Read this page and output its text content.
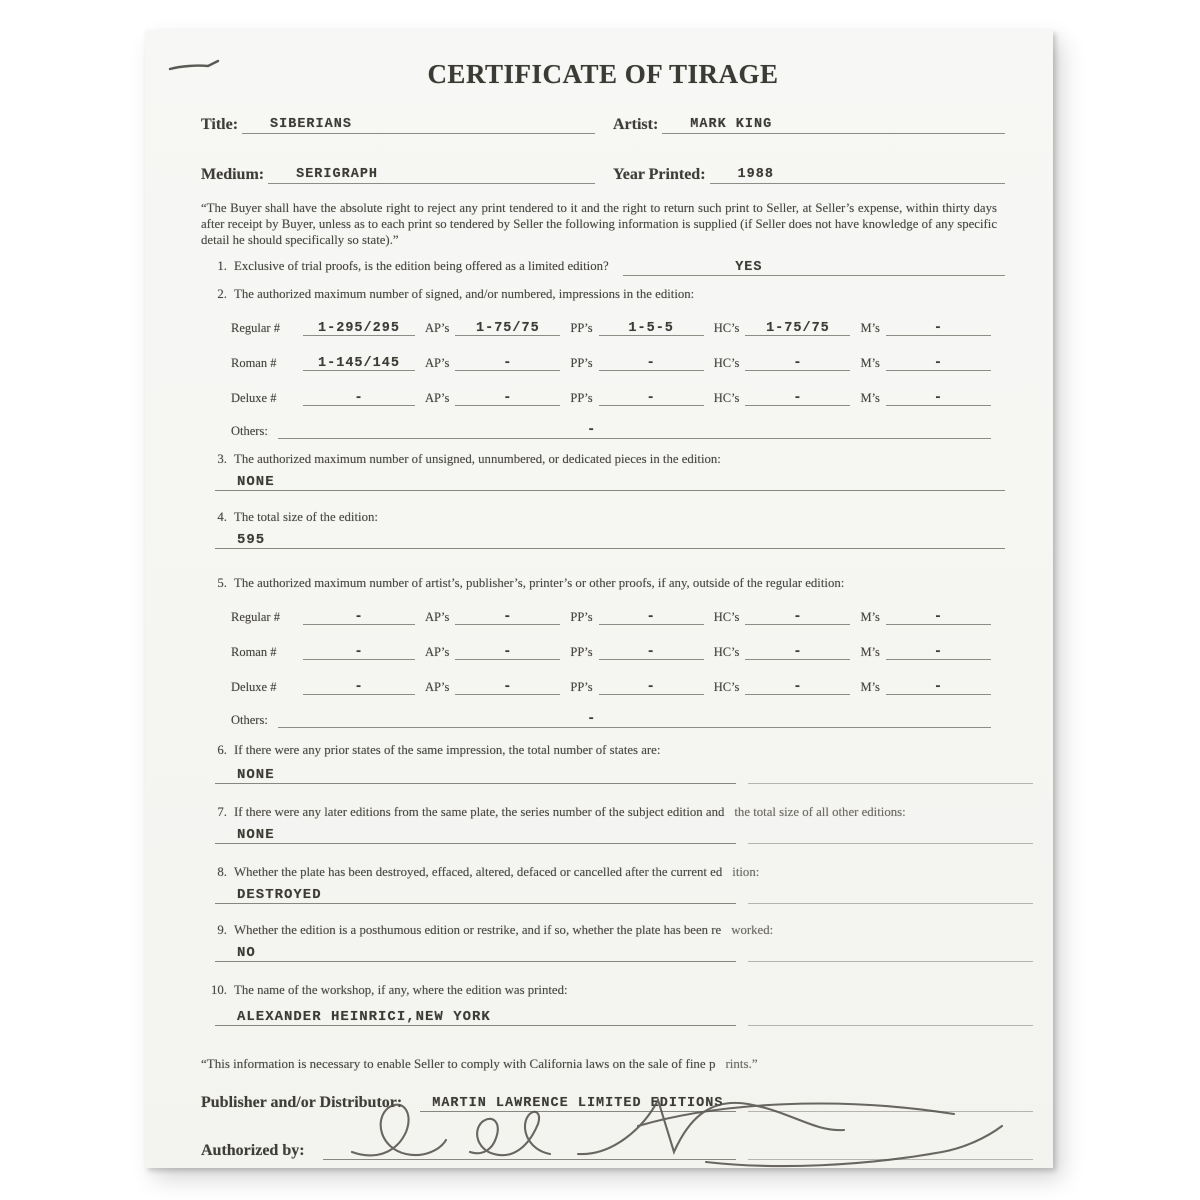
CERTIFICATE OF TIRAGE
Title: SIBERIANS	Artist: MARK KING
Medium: SERIGRAPH	Year Printed: 1988

“The Buyer shall have the absolute right to reject any print tendered to it and the right to return such print to Seller, at Seller’s expense, within thirty days after receipt by Buyer, unless as to each print so tendered by Seller the following information is supplied (if Seller does not have knowledge of any specific detail he should specifically so state).”

1. Exclusive of trial proofs, is the edition being offered as a limited edition?	YES
2. The authorized maximum number of signed, and/or numbered, impressions in the edition:
Regular #	1-295/295	AP’s	1-75/75	PP’s	1-5-5	HC’s	1-75/75	M’s	-
Roman #	1-145/145	AP’s	-	PP’s	-	HC’s	-	M’s	-
Deluxe #	-	AP’s	-	PP’s	-	HC’s	-	M’s	-
Others:	-
3. The authorized maximum number of unsigned, unnumbered, or dedicated pieces in the edition:
NONE
4. The total size of the edition:
595
5. The authorized maximum number of artist’s, publisher’s, printer’s or other proofs, if any, outside of the regular edition:
Regular #	-	AP’s	-	PP’s	-	HC’s	-	M’s	-
Roman #	-	AP’s	-	PP’s	-	HC’s	-	M’s	-
Deluxe #	-	AP’s	-	PP’s	-	HC’s	-	M’s	-
Others:	-
6. If there were any prior states of the same impression, the total number of states are:
NONE
7. If there were any later editions from the same plate, the series number of the subject edition and the total size of all other editions:
NONE
8. Whether the plate has been destroyed, effaced, altered, defaced or cancelled after the current ed ition:
DESTROYED
9. Whether the edition is a posthumous edition or restrike, and if so, whether the plate has been re worked:
NO
10. The name of the workshop, if any, where the edition was printed:
ALEXANDER HEINRICI,NEW YORK

“This information is necessary to enable Seller to comply with California laws on the sale of fine p rints.”

Publisher and/or Distributor:	MARTIN LAWRENCE LIMITED EDITIONS
Authorized by:
